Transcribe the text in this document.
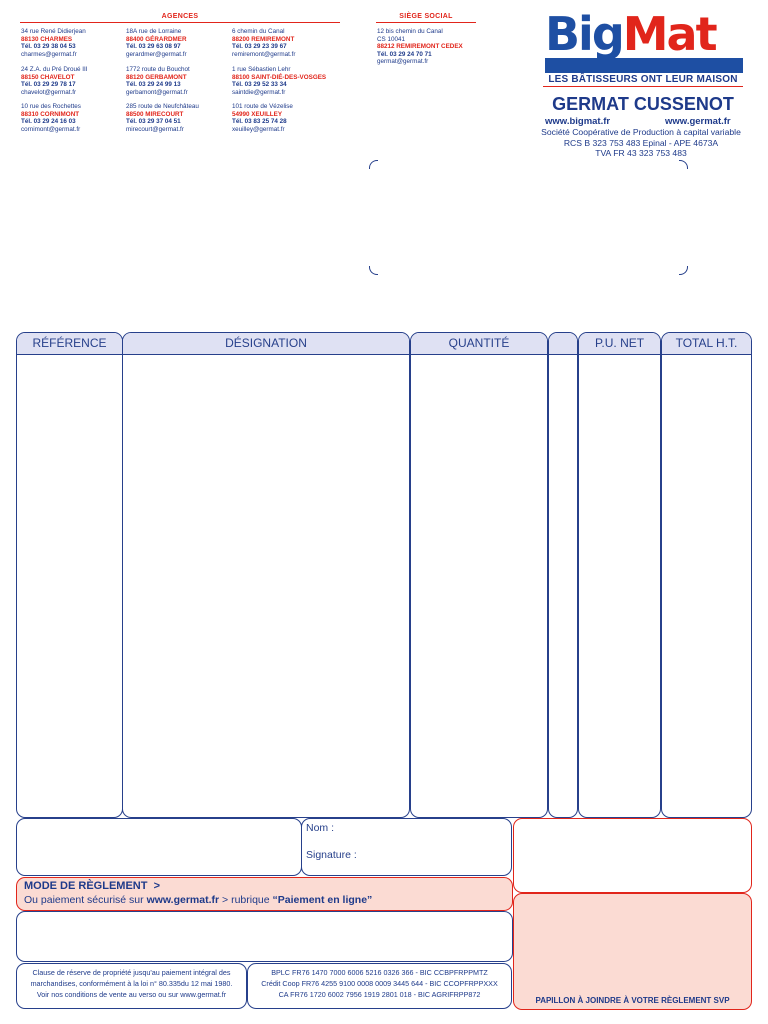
AGENCES	SIÈGE SOCIAL
34 rue René Didierjean
88130 CHARMES
Tél. 03 29 38 04 53
charmes@germat.fr
18A rue de Lorraine
88400 GÉRARDMER
Tél. 03 29 63 08 97
gerardmer@germat.fr
6 chemin du Canal
88200 REMIREMONT
Tél. 03 29 23 39 67
remiremont@germat.fr
24 Z.A. du Pré Droué III
88150 CHAVELOT
Tél. 03 29 29 78 17
chavelot@germat.fr
1772 route du Bouchot
88120 GERBAMONT
Tél. 03 29 24 99 13
gerbamont@germat.fr
1 rue Sébastien Lehr
88100 SAINT-DIÉ-DES-VOSGES
Tél. 03 29 52 33 34
saintdie@germat.fr
10 rue des Rochettes
88310 CORNIMONT
Tél. 03 29 24 16 03
cornimont@germat.fr
285 route de Neufchâteau
88500 MIRECOURT
Tél. 03 29 37 04 51
mirecourt@germat.fr
101 route de Vézelise
54990 XEUILLEY
Tél. 03 83 25 74 28
xeuilley@germat.fr
12 bis chemin du Canal
CS 10041
88212 REMIREMONT CEDEX
Tél. 03 29 24 70 71
germat@germat.fr
BigMat
LES BÂTISSEURS ONT LEUR MAISON
GERMAT CUSSENOT
www.bigmat.fr	www.germat.fr
Société Coopérative de Production à capital variable
RCS B 323 753 483 Epinal - APE 4673A
TVA FR 43 323 753 483
RÉFÉRENCE	DÉSIGNATION	QUANTITÉ	P.U. NET	TOTAL H.T.
Nom :
Signature :
MODE DE RÈGLEMENT >
Ou paiement sécurisé sur www.germat.fr > rubrique “Paiement en ligne”
PAPILLON À JOINDRE À VOTRE RÈGLEMENT SVP
Clause de réserve de propriété jusqu'au paiement intégral des
marchandises, conformément à la loi n° 80.335du 12 mai 1980.
Voir nos conditions de vente au verso ou sur www.germat.fr
BPLC FR76 1470 7000 6006 5216 0326 366 - BIC CCBPFRPPMTZ
Crédit Coop FR76 4255 9100 0008 0009 3445 644 - BIC CCOPFRPPXXX
CA FR76 1720 6002 7956 1919 2801 018 - BIC AGRIFRPP872
